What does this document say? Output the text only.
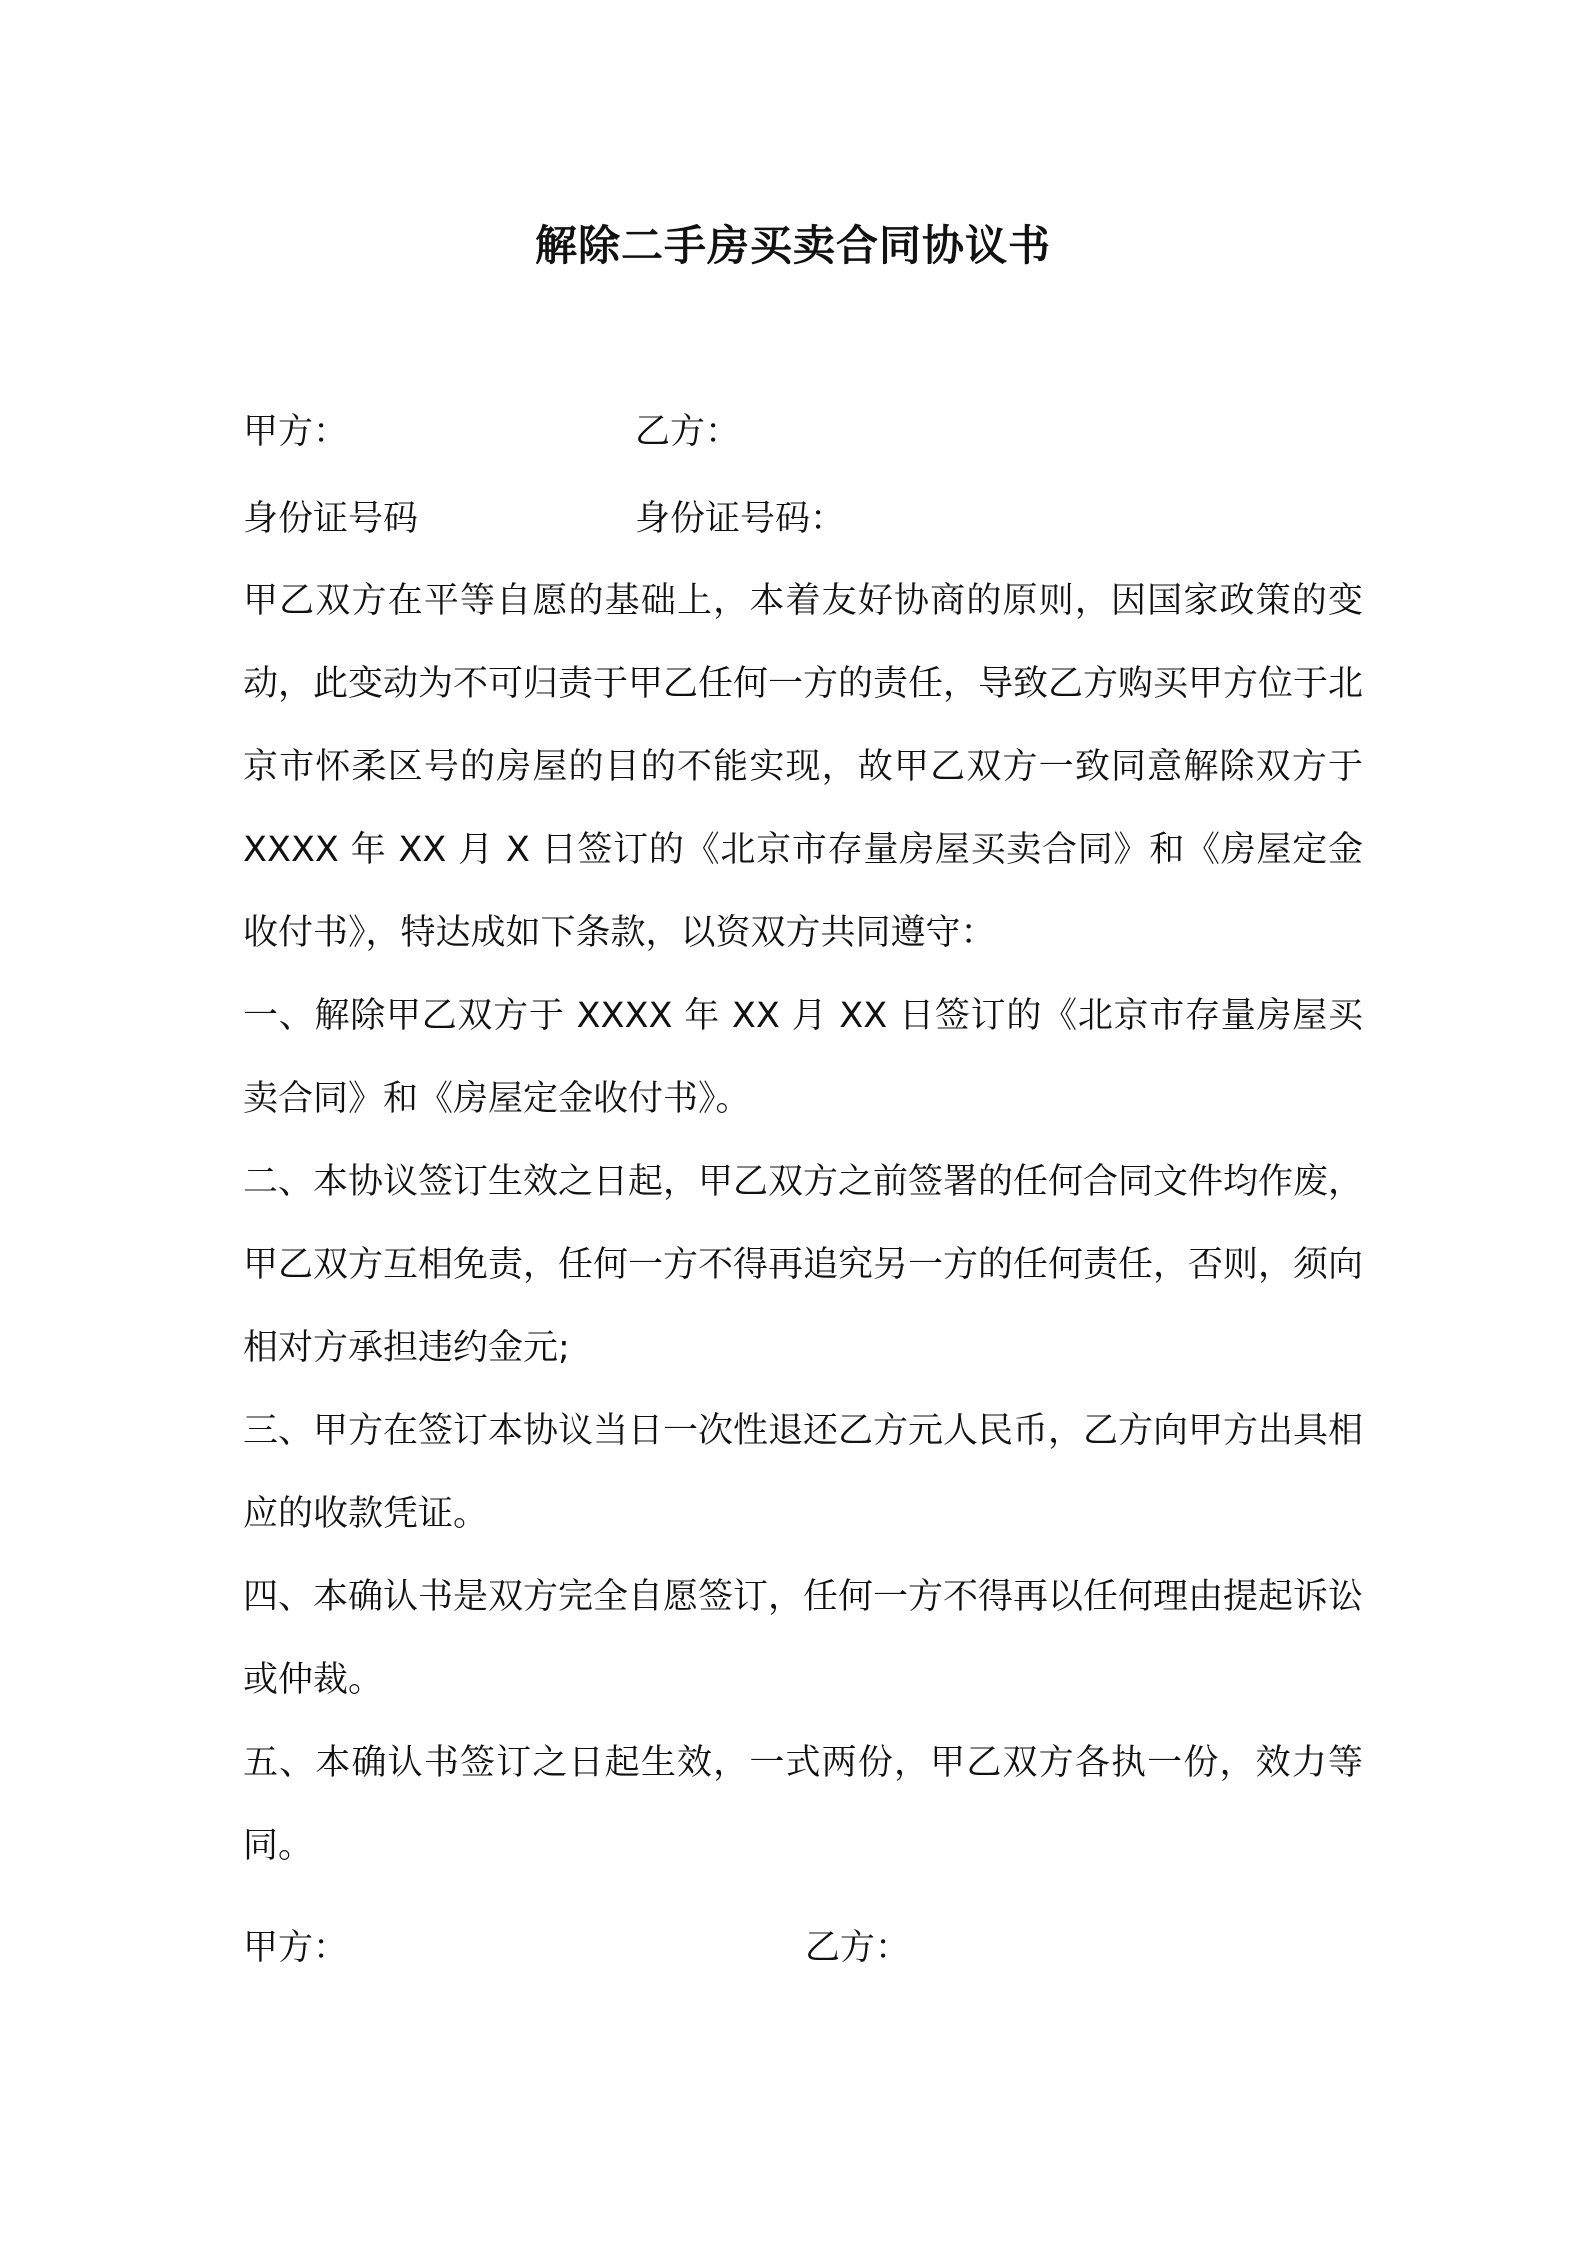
解除二手房买卖合同协议书
甲方：	乙方：
身份证号码	身份证号码：

甲乙双方在平等自愿的基础上，本着友好协商的原则，因国家政策的变动，此变动为不可归责于甲乙任何一方的责任，导致乙方购买甲方位于北京市怀柔区号的房屋的目的不能实现，故甲乙双方一致同意解除双方于 XXXX 年 XX 月 X 日签订的《北京市存量房屋买卖合同》和《房屋定金收付书》，特达成如下条款，以资双方共同遵守：

一、解除甲乙双方于 XXXX 年 XX 月 XX 日签订的《北京市存量房屋买卖合同》和《房屋定金收付书》。

二、本协议签订生效之日起，甲乙双方之前签署的任何合同文件均作废，甲乙双方互相免责，任何一方不得再追究另一方的任何责任，否则，须向相对方承担违约金元;

三、甲方在签订本协议当日一次性退还乙方元人民币，乙方向甲方出具相应的收款凭证。

四、本确认书是双方完全自愿签订，任何一方不得再以任何理由提起诉讼或仲裁。

五、本确认书签订之日起生效，一式两份，甲乙双方各执一份，效力等同。

甲方：	乙方：
